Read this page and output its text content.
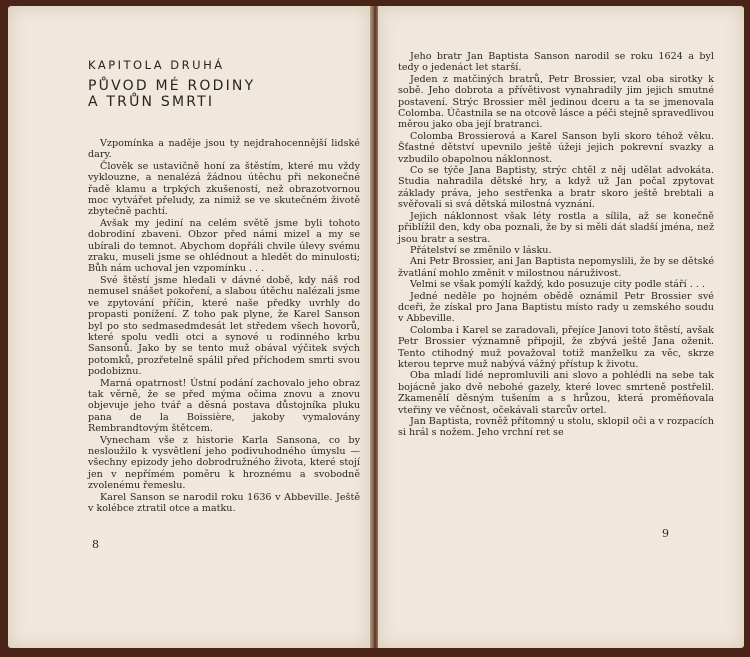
KAPITOLA DRUHÁ
PŮVOD MÉ RODINY
A TRŮN SMRTI

Vzpomínka a naděje jsou ty nejdrahocennější lidské dary.

Člověk se ustavičně honí za štěstím, které mu vždy vyklouzne, a nenalézá žádnou útěchu při nekonečné řadě klamu a trpkých zkušeností, než obrazotvornou moc vytvářet přeludy, za nimiž se ve skutečném životě zbytečně pachtí.

Avšak my jediní na celém světě jsme byli tohoto dobrodiní zbaveni. Obzor před námi mizel a my se ubírali do temnot. Abychom dopřáli chvile úlevy svému zraku, museli jsme se ohlédnout a hledět do minulosti; Bůh nám uchoval jen vzpomínku . . .

Své štěstí jsme hledali v dávné době, kdy náš rod nemusel snášet pokoření, a slabou útěchu nalézali jsme ve zpytování příčin, které naše předky uvrhly do propasti ponížení. Z toho pak plyne, že Karel Sanson byl po sto sedmasedmdesát let středem všech hovorů, které spolu vedli otci a synové u rodinného krbu Sansonů. Jako by se tento muž obával výčitek svých potomků, prozřetelně spálil před příchodem smrti svou podobiznu.

Marná opatrnost! Ústní podání zachovalo jeho obraz tak věrně, že se před mýma očima znovu a znovu objevuje jeho tvář a děsná postava důstojníka pluku pana de la Boissière, jakoby vymalovány Rembrandtovým štětcem.

Vynecham vše z historie Karla Sansona, co by nesloužilo k vysvětlení jeho podivuhodného úmyslu — všechny epizody jeho dobrodružného života, které stojí jen v nepřímém poměru k hroznému a svobodně zvolenému řemeslu.

Karel Sanson se narodil roku 1636 v Abbeville. Ještě v kolébce ztratil otce a matku.

8

Jeho bratr Jan Baptista Sanson narodil se roku 1624 a byl tedy o jedenáct let starší.

Jeden z matčiných bratrů, Petr Brossier, vzal oba sirotky k sobě. Jeho dobrota a přívětivost vynahradily jim jejich smutné postavení. Strýc Brossier měl jedinou dceru a ta se jmenovala Colomba. Účastnila se na otcově lásce a péči stejně spravedlivou měrou jako oba její bratranci.

Colomba Brossierová a Karel Sanson byli skoro téhož věku. Šťastné dětství upevnilo ještě úžeji jejich pokrevní svazky a vzbudilo obapolnou náklonnost.

Co se týče Jana Baptisty, strýc chtěl z něj udělat advokáta. Studia nahradila dětské hry, a když už Jan počal zpytovat základy práva, jeho sestřenka a bratr skoro ještě brebtali a svěřovali si svá dětská milostná vyznání.

Jejich náklonnost však léty rostla a sílila, až se konečně přiblížil den, kdy oba poznali, že by si měli dát sladší jména, než jsou bratr a sestra.

Přátelství se změnilo v lásku.

Ani Petr Brossier, ani Jan Baptista nepomyslili, že by se dětské žvatlání mohlo změnit v milostnou náruživost.

Velmi se však pomýlí každý, kdo posuzuje city podle stáří . . .

Jedné neděle po hojném obědě oznámil Petr Brossier své dceři, že získal pro Jana Baptistu místo rady u zemského soudu v Abbeville.

Colomba i Karel se zaradovali, přejíce Janovi toto štěstí, avšak Petr Brossier významně připojil, že zbývá ještě Jana oženit. Tento ctihodný muž považoval totiž manželku za věc, skrze kterou teprve muž nabývá vážný přístup k životu.

Oba mladí lidé nepromluvili ani slovo a pohlédli na sebe tak bojácně jako dvě nebohé gazely, které lovec smrteně postřelil. Zkamenělí děsným tušením a s hrůzou, která proměňovala vteřiny ve věčnost, očekávali starcův ortel.

Jan Baptista, rovněž přítomný u stolu, sklopil oči a v rozpacích si hrál s nožem. Jeho vrchní ret se

9
